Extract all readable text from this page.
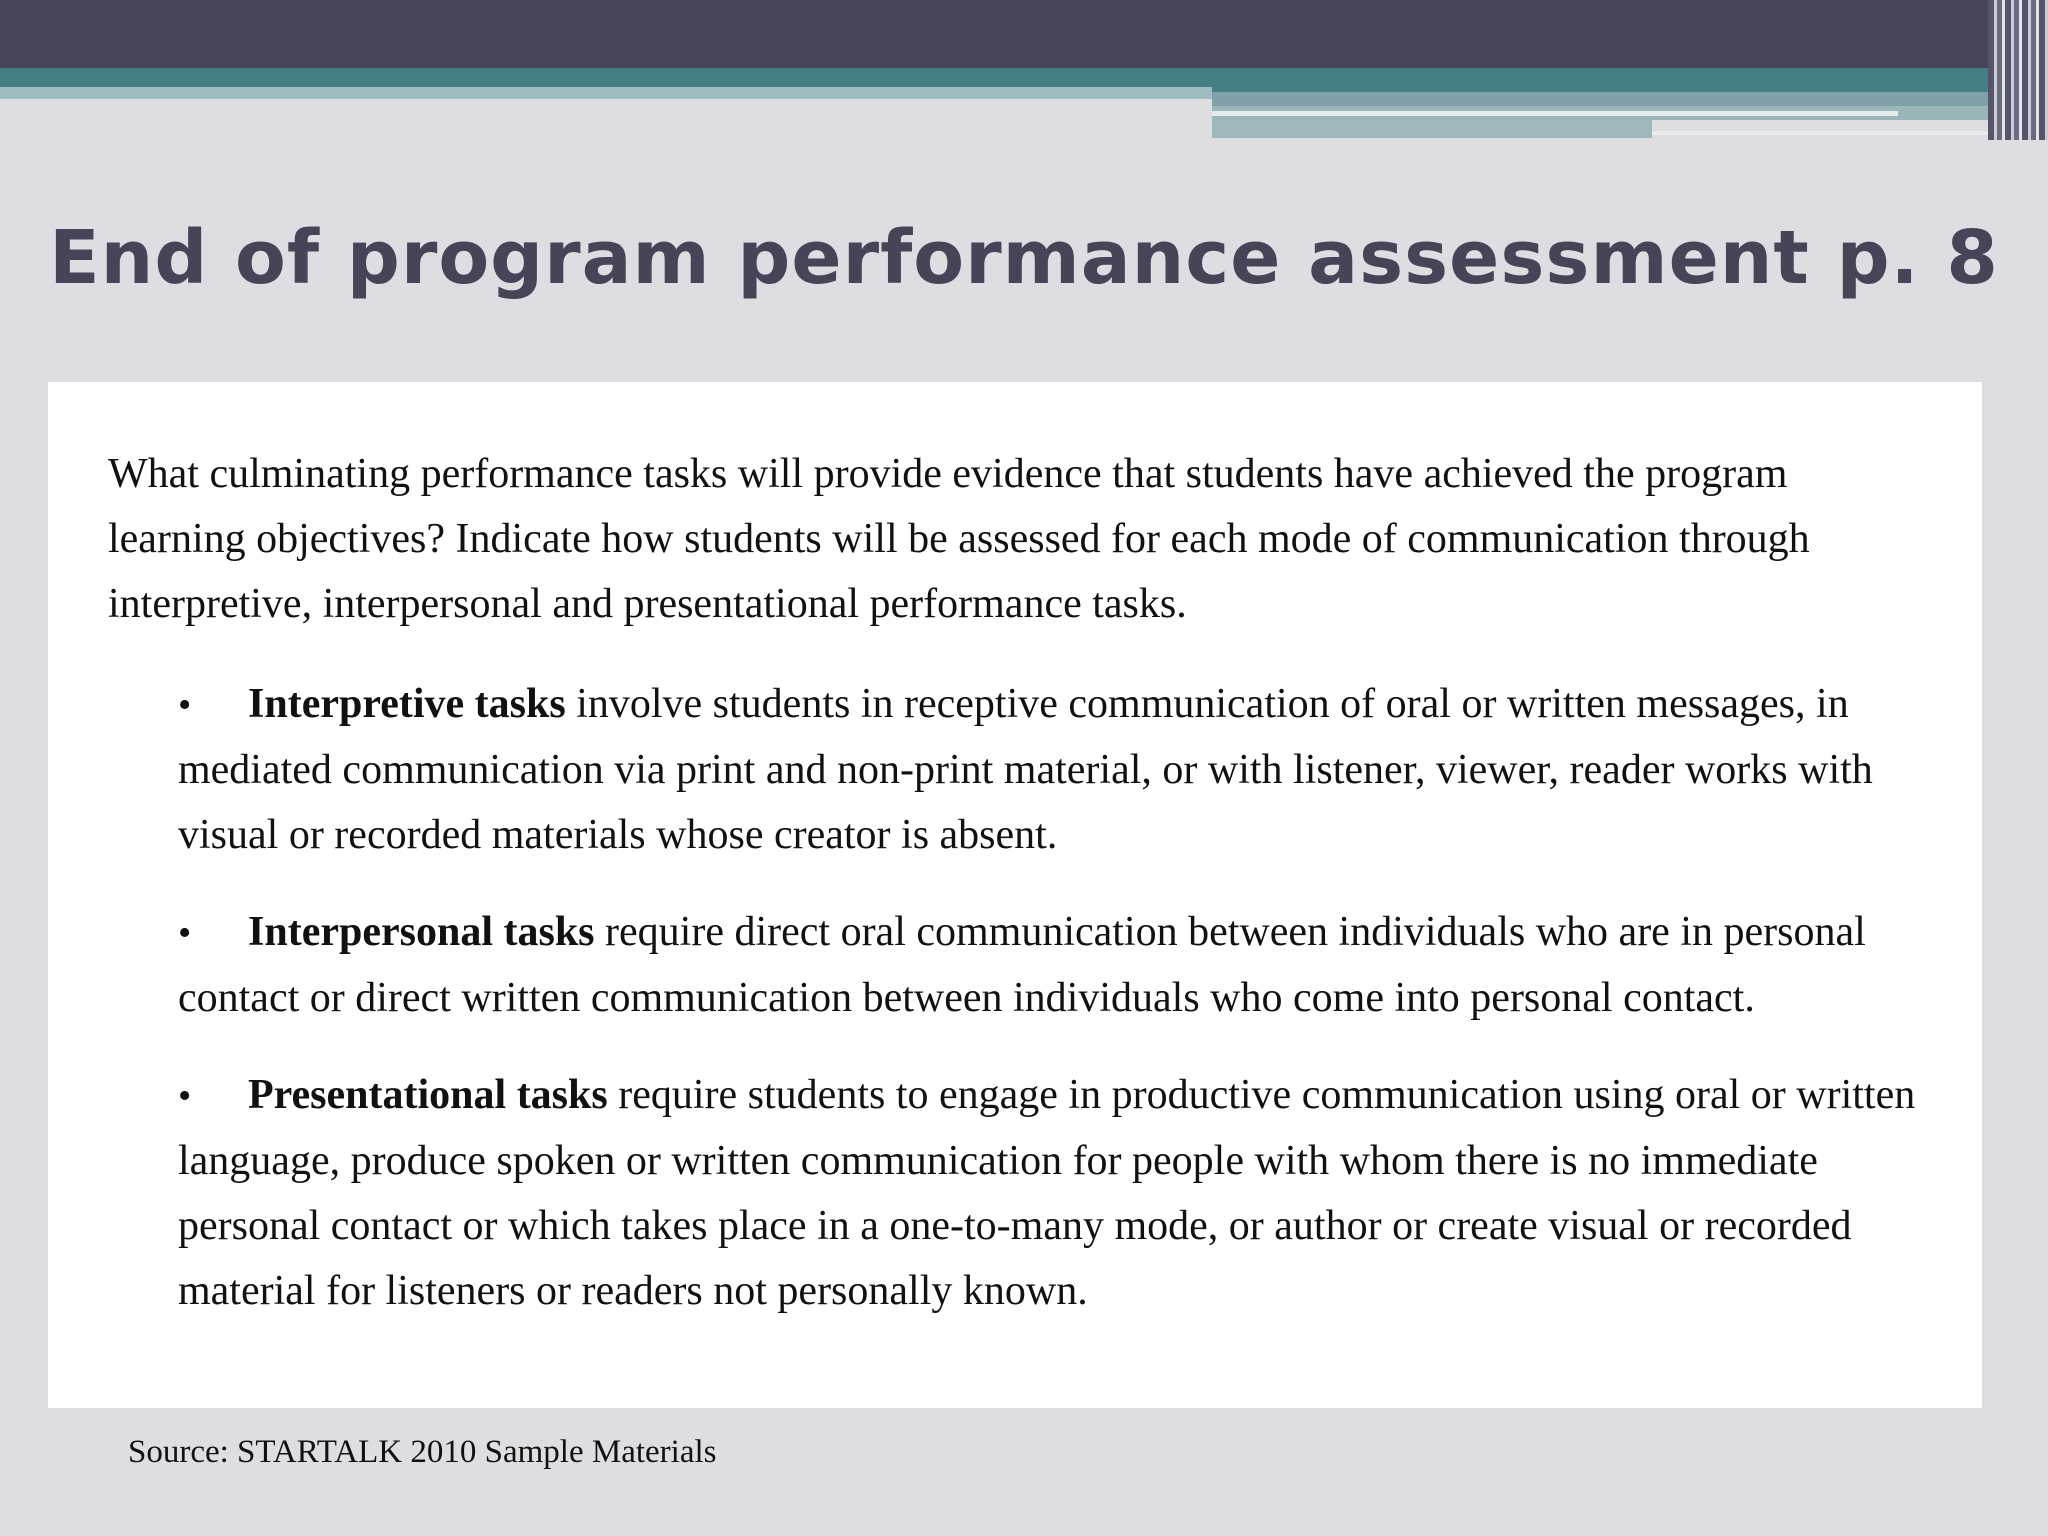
End of program performance assessment p. 8

What culminating performance tasks will provide evidence that students have achieved the program learning objectives? Indicate how students will be assessed for each mode of communication through interpretive, interpersonal and presentational performance tasks.

• Interpretive tasks involve students in receptive communication of oral or written messages, in mediated communication via print and non-print material, or with listener, viewer, reader works with visual or recorded materials whose creator is absent.
• Interpersonal tasks require direct oral communication between individuals who are in personal contact or direct written communication between individuals who come into personal contact.
• Presentational tasks require students to engage in productive communication using oral or written language, produce spoken or written communication for people with whom there is no immediate personal contact or which takes place in a one-to-many mode, or author or create visual or recorded material for listeners or readers not personally known.
Source: STARTALK 2010 Sample Materials
